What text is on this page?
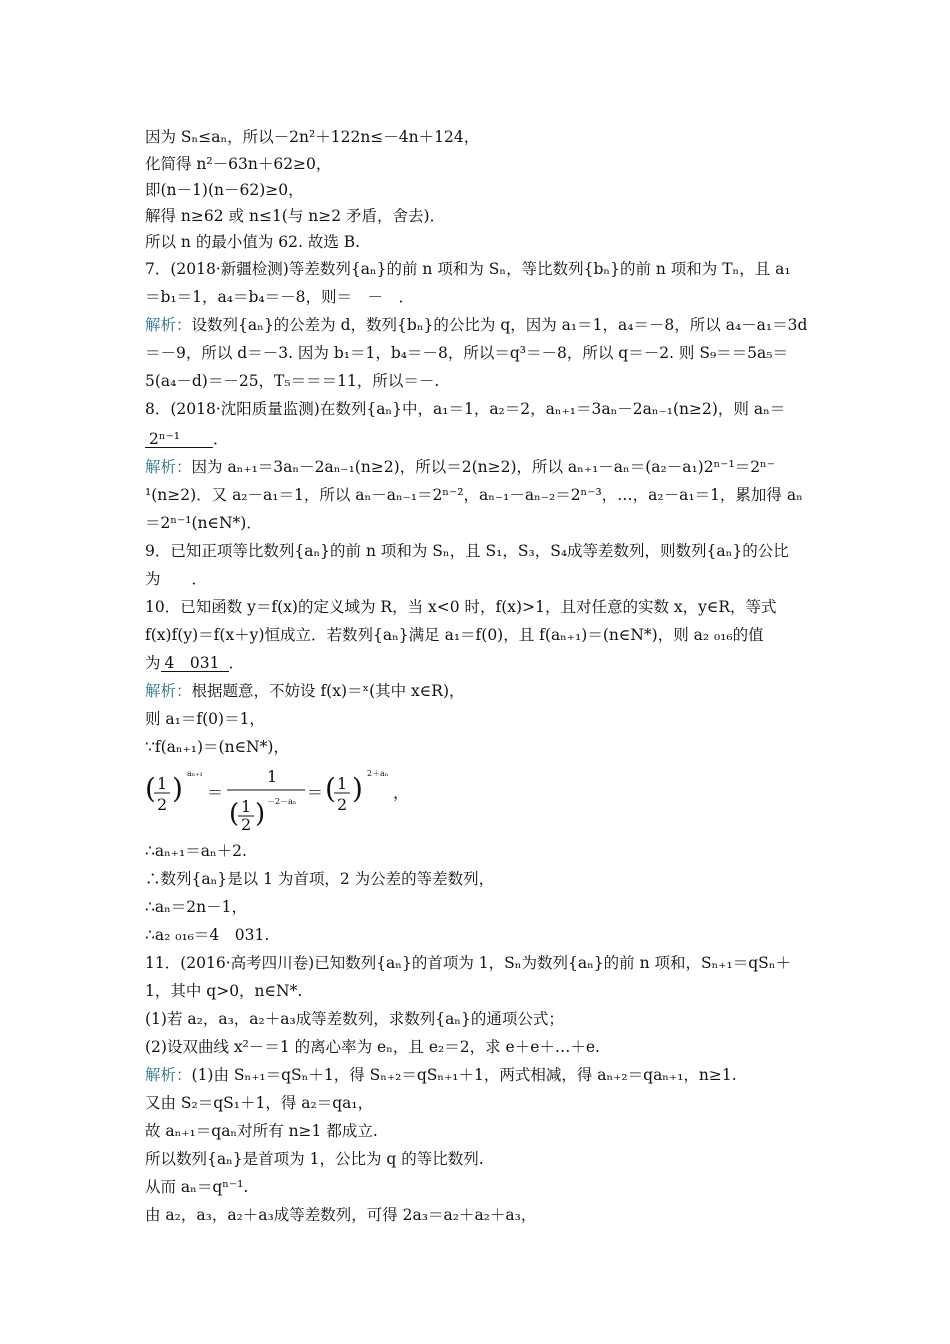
因为 Sₙ≤aₙ，所以－2n²＋122n≤－4n＋124，
化简得 n²－63n＋62≥0，
即(n－1)(n－62)≥0，
解得 n≥62 或 n≤1(与 n≥2 矛盾，舍去)．
所以 n 的最小值为 62. 故选 B.
7．(2018·新疆检测)等差数列{aₙ}的前 n 项和为 Sₙ，等比数列{bₙ}的前 n 项和为 Tₙ，且 a₁
＝b₁＝1，a₄＝b₄＝－8，则＝　－　．
解析：设数列{aₙ}的公差为 d，数列{bₙ}的公比为 q，因为 a₁＝1，a₄＝－8，所以 a₄－a₁＝3d
＝－9，所以 d＝－3. 因为 b₁＝1，b₄＝－8，所以＝q³＝－8，所以 q＝－2. 则 S₉＝＝5a₅＝
5(a₄－d)＝－25，T₅＝＝＝11，所以＝－.
8．(2018·沈阳质量监测)在数列{aₙ}中，a₁＝1，a₂＝2，aₙ₊₁＝3aₙ－2aₙ₋₁(n≥2)，则 aₙ＝
2ⁿ⁻¹ ．
解析：因为 aₙ₊₁＝3aₙ－2aₙ₋₁(n≥2)，所以＝2(n≥2)，所以 aₙ₊₁－aₙ＝(a₂－a₁)2ⁿ⁻¹＝2ⁿ⁻
¹(n≥2)．又 a₂－a₁＝1，所以 aₙ－aₙ₋₁＝2ⁿ⁻²，aₙ₋₁－aₙ₋₂＝2ⁿ⁻³，…，a₂－a₁＝1，累加得 aₙ
＝2ⁿ⁻¹(n∈N*)．
9．已知正项等比数列{aₙ}的前 n 项和为 Sₙ，且 S₁，S₃，S₄成等差数列，则数列{aₙ}的公比
为　　．
10．已知函数 y＝f(x)的定义域为 R，当 x<0 时，f(x)>1，且对任意的实数 x，y∈R，等式
f(x)f(y)＝f(x＋y)恒成立．若数列{aₙ}满足 a₁＝f(0)，且 f(aₙ₊₁)＝(n∈N*)，则 a₂ ₀₁₆的值
为 4　031 ．
解析：根据题意，不妨设 f(x)＝ˣ(其中 x∈R)，
则 a₁＝f(0)＝1，
∵f(aₙ₊₁)＝(n∈N*)，
( 1
2 ) aₙ₊₁
＝
1
( 1
2 ) －2－aₙ ＝ ( 1
2 ) 2＋aₙ
，
∴aₙ₊₁＝aₙ＋2.
∴数列{aₙ}是以 1 为首项，2 为公差的等差数列，
∴aₙ＝2n－1，
∴a₂ ₀₁₆＝4　031.
11．(2016·高考四川卷)已知数列{aₙ}的首项为 1，Sₙ为数列{aₙ}的前 n 项和，Sₙ₊₁＝qSₙ＋
1，其中 q>0，n∈N*.
(1)若 a₂，a₃，a₂＋a₃成等差数列，求数列{aₙ}的通项公式；
(2)设双曲线 x²－＝1 的离心率为 eₙ，且 e₂＝2，求 e＋e＋…＋e.
解析：(1)由 Sₙ₊₁＝qSₙ＋1，得 Sₙ₊₂＝qSₙ₊₁＋1，两式相减，得 aₙ₊₂＝qaₙ₊₁，n≥1.
又由 S₂＝qS₁＋1，得 a₂＝qa₁，
故 aₙ₊₁＝qaₙ对所有 n≥1 都成立.
所以数列{aₙ}是首项为 1，公比为 q 的等比数列.
从而 aₙ＝qⁿ⁻¹.
由 a₂，a₃，a₂＋a₃成等差数列，可得 2a₃＝a₂＋a₂＋a₃，
